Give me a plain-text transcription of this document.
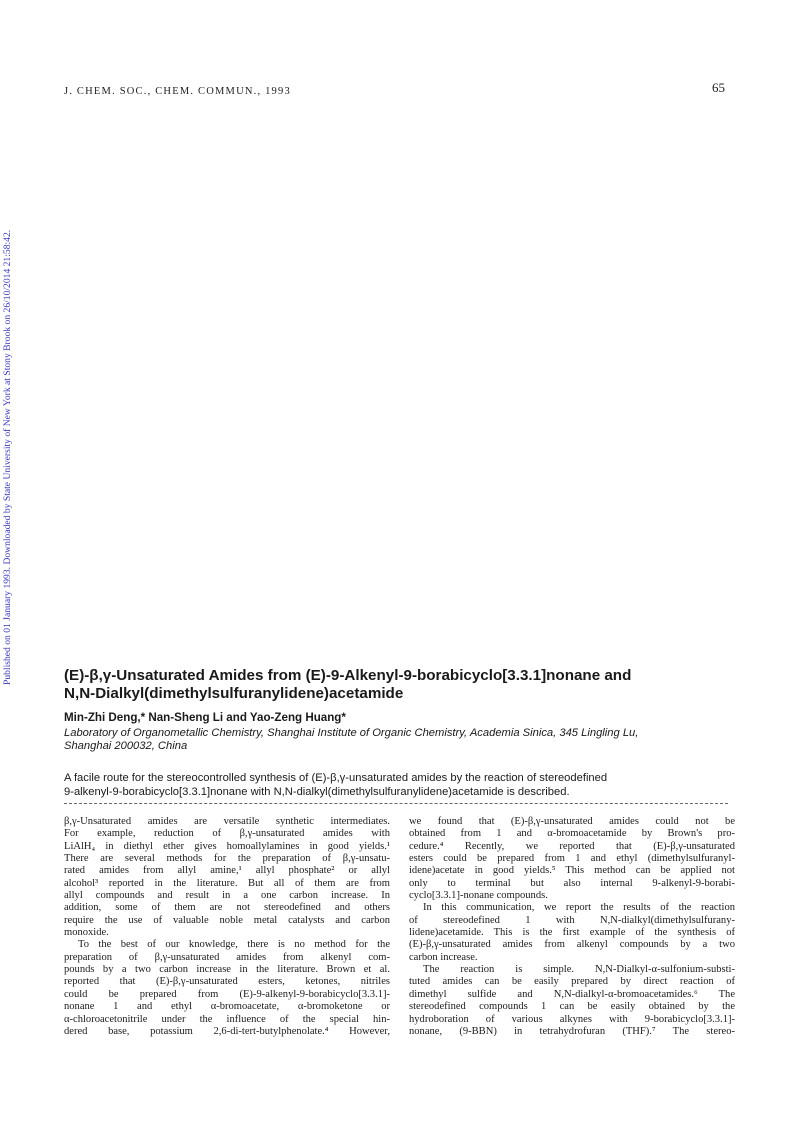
J. CHEM. SOC., CHEM. COMMUN., 1993	65
Published on 01 January 1993. Downloaded by State University of New York at Stony Brook on 26/10/2014 21:58:42.	(E)-β,γ-Unsaturated Amides from (E)-9-Alkenyl-9-borabicyclo[3.3.1]nonane and
N,N-Dialkyl(dimethylsulfuranylidene)acetamide
Min-Zhi Deng,* Nan-Sheng Li and Yao-Zeng Huang*
Laboratory of Organometallic Chemistry, Shanghai Institute of Organic Chemistry, Academia Sinica, 345 Lingling Lu,
Shanghai 200032, China
A facile route for the stereocontrolled synthesis of (E)-β,γ-unsaturated amides by the reaction of stereodefined
9-alkenyl-9-borabicyclo[3.3.1]nonane with N,N-dialkyl(dimethylsulfuranylidene)acetamide is described.
β,γ-Unsaturated amides are versatile synthetic intermediates.
For example, reduction of β,γ-unsaturated amides with
LiAlH₄ in diethyl ether gives homoallylamines in good yields.¹
There are several methods for the preparation of β,γ-unsatu-
rated amides from allyl amine,¹ allyl phosphate² or allyl
alcohol³ reported in the literature. But all of them are from
allyl compounds and result in a one carbon increase. In
addition, some of them are not stereodefined and others
require the use of valuable noble metal catalysts and carbon
monoxide.
To the best of our knowledge, there is no method for the
preparation of β,γ-unsaturated amides from alkenyl com-
pounds by a two carbon increase in the literature. Brown et al.
reported that (E)-β,γ-unsaturated esters, ketones, nitriles
could be prepared from (E)-9-alkenyl-9-borabicyclo[3.3.1]-
nonane 1 and ethyl α-bromoacetate, α-bromoketone or
α-chloroacetonitrile under the influence of the special hin-
dered base, potassium 2,6-di-tert-butylphenolate.⁴ However,
we found that (E)-β,γ-unsaturated amides could not be
obtained from 1 and α-bromoacetamide by Brown's pro-
cedure.⁴ Recently, we reported that (E)-β,γ-unsaturated
esters could be prepared from 1 and ethyl (dimethylsulfuranyl-
idene)acetate in good yields.⁵ This method can be applied not
only to terminal but also internal 9-alkenyl-9-borabi-
cyclo[3.3.1]-nonane compounds.
In this communication, we report the results of the reaction
of stereodefined 1 with N,N-dialkyl(dimethylsulfurany-
lidene)acetamide. This is the first example of the synthesis of
(E)-β,γ-unsaturated amides from alkenyl compounds by a two
carbon increase.
The reaction is simple. N,N-Dialkyl-α-sulfonium-substi-
tuted amides can be easily prepared by direct reaction of
dimethyl sulfide and N,N-dialkyl-α-bromoacetamides.⁶ The
stereodefined compounds 1 can be easily obtained by the
hydroboration of various alkynes with 9-borabicyclo[3.3.1]-
nonane, (9-BBN) in tetrahydrofuran (THF).⁷ The stereo-
